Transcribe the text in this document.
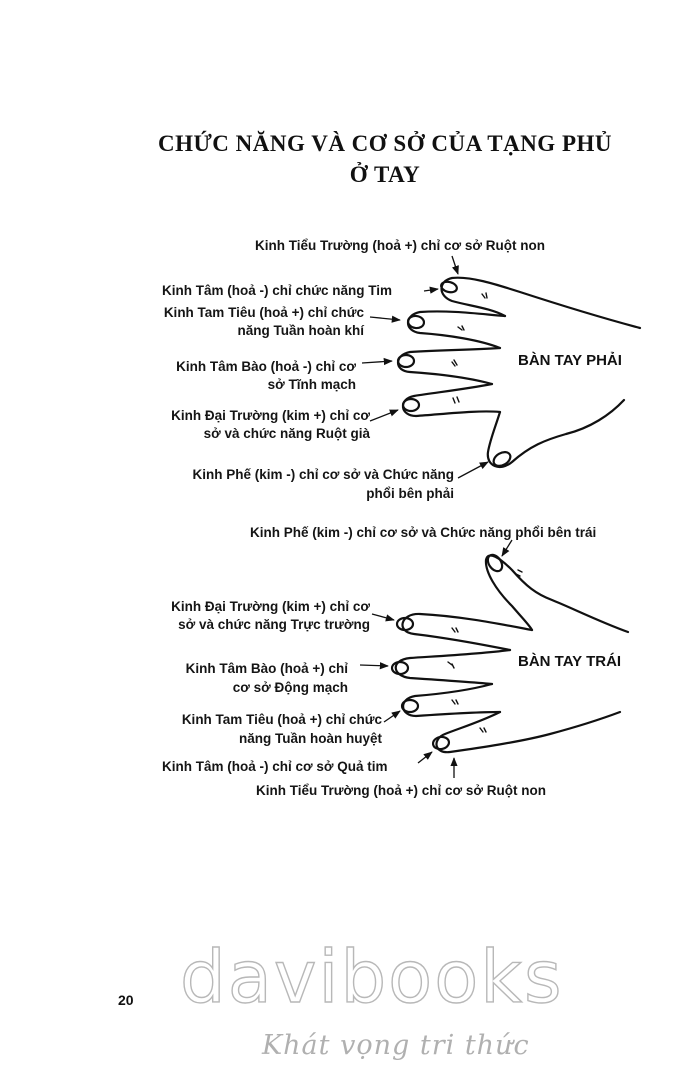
CHỨC NĂNG VÀ CƠ SỞ CỦA TẠNG PHỦ
Ở TAY
Kinh Tiểu Trường (hoả +) chỉ cơ sở Ruột non
Kinh Tâm (hoả -) chỉ chức năng Tim
Kinh Tam Tiêu (hoả +) chỉ chức
năng Tuần hoàn khí
Kinh Tâm Bào (hoả -) chỉ cơ
sở Tĩnh mạch
Kinh Đại Trường (kim +) chỉ cơ
sở và chức năng Ruột già
Kinh Phế (kim -) chỉ cơ sở và Chức năng
phổi bên phải
BÀN TAY PHẢI
Kinh Phế (kim -) chỉ cơ sở và Chức năng phổi bên trái
Kinh Đại Trường (kim +) chỉ cơ
sở và chức năng Trực trường
Kinh Tâm Bào (hoả +) chỉ
cơ sở Động mạch
Kinh Tam Tiêu (hoả +) chỉ chức
năng Tuần hoàn huyệt
Kinh Tâm (hoả -) chỉ cơ sở Quả tim
Kinh Tiểu Trường (hoả +) chỉ cơ sở Ruột non
BÀN TAY TRÁI
20 davibooks
Khát vọng tri thức
